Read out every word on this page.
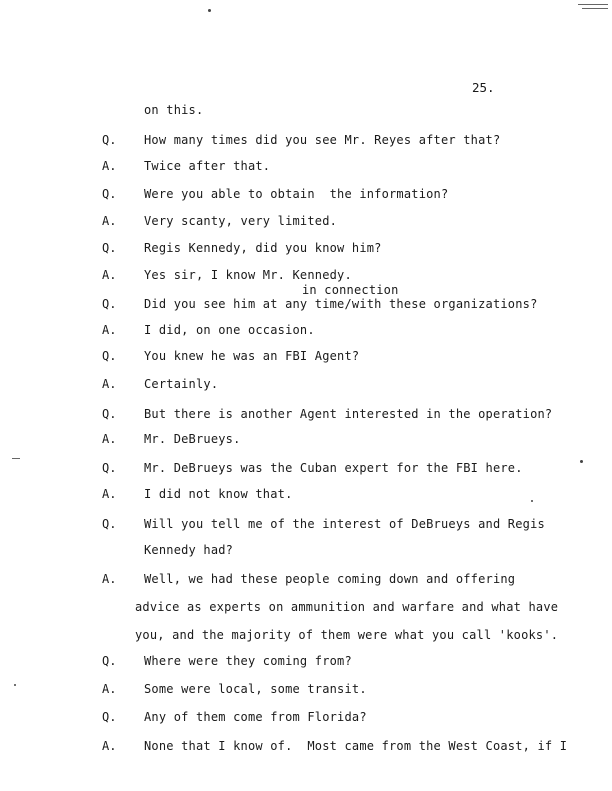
25.
on this.
Q. How many times did you see Mr. Reyes after that?
A. Twice after that.
Q. Were you able to obtain  the information?
A. Very scanty, very limited.
Q. Regis Kennedy, did you know him?
A. Yes sir, I know Mr. Kennedy.
in connection
Q. Did you see him at any time/with these organizations?
A. I did, on one occasion.
Q. You knew he was an FBI Agent?
A. Certainly.
Q. But there is another Agent interested in the operation?
A. Mr. DeBrueys.
Q. Mr. DeBrueys was the Cuban expert for the FBI here.
A. I did not know that.
Q. Will you tell me of the interest of DeBrueys and Regis
Kennedy had?
A. Well, we had these people coming down and offering
advice as experts on ammunition and warfare and what have
you, and the majority of them were what you call 'kooks'.
Q. Where were they coming from?
A. Some were local, some transit.
Q. Any of them come from Florida?
A. None that I know of.  Most came from the West Coast, if I
